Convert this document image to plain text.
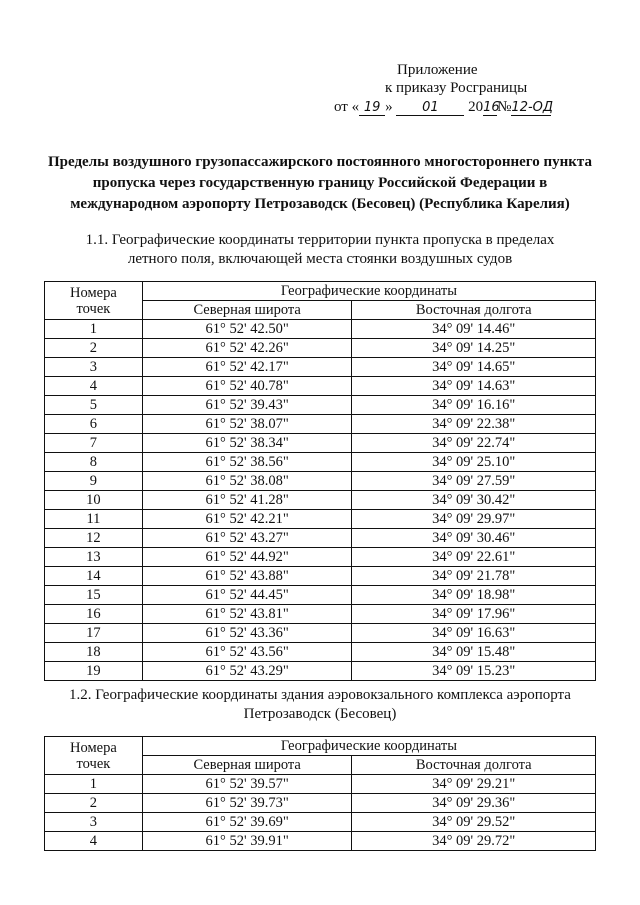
Приложение
к приказу Росграницы
от « 19 » 01 2016№12-ОД
Пределы воздушного грузопассажирского постоянного многостороннего пункта пропуска через государственную границу Российской Федерации в международном аэропорту Петрозаводск (Бесовец) (Республика Карелия)
1.1. Географические координаты территории пункта пропуска в пределах
летного поля, включающей места стоянки воздушных судов
Номера
точек	Географические координаты	
	Северная широта	Восточная долгота
1	61° 52' 42.50"	34° 09' 14.46"
2	61° 52' 42.26"	34° 09' 14.25"
3	61° 52' 42.17"	34° 09' 14.65"
4	61° 52' 40.78"	34° 09' 14.63"
5	61° 52' 39.43"	34° 09' 16.16"
6	61° 52' 38.07"	34° 09' 22.38"
7	61° 52' 38.34"	34° 09' 22.74"
8	61° 52' 38.56"	34° 09' 25.10"
9	61° 52' 38.08"	34° 09' 27.59"
10	61° 52' 41.28"	34° 09' 30.42"
11	61° 52' 42.21"	34° 09' 29.97"
12	61° 52' 43.27"	34° 09' 30.46"
13	61° 52' 44.92"	34° 09' 22.61"
14	61° 52' 43.88"	34° 09' 21.78"
15	61° 52' 44.45"	34° 09' 18.98"
16	61° 52' 43.81"	34° 09' 17.96"
17	61° 52' 43.36"	34° 09' 16.63"
18	61° 52' 43.56"	34° 09' 15.48"
19	61° 52' 43.29"	34° 09' 15.23"
1.2. Географические координаты здания аэровокзального комплекса аэропорта
Петрозаводск (Бесовец)
Номера
точек	Географические координаты	
	Северная широта	Восточная долгота
1	61° 52' 39.57"	34° 09' 29.21"
2	61° 52' 39.73"	34° 09' 29.36"
3	61° 52' 39.69"	34° 09' 29.52"
4	61° 52' 39.91"	34° 09' 29.72"
